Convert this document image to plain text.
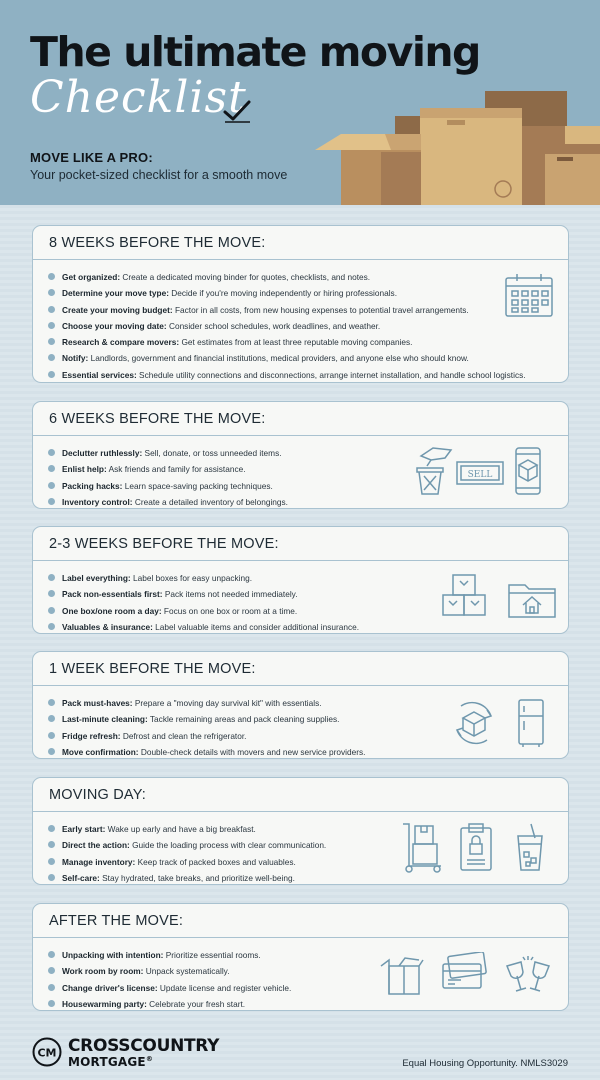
The ultimate moving
Checklist
MOVE LIKE A PRO:
Your pocket-sized checklist for a smooth move
8 WEEKS BEFORE THE MOVE:
Get organized: Create a dedicated moving binder for quotes, checklists, and notes.
Determine your move type: Decide if you're moving independently or hiring professionals.
Create your moving budget: Factor in all costs, from new housing expenses to potential travel arrangements.
Choose your moving date: Consider school schedules, work deadlines, and weather.
Research & compare movers: Get estimates from at least three reputable moving companies.
Notify: Landlords, government and financial institutions, medical providers, and anyone else who should know.
Essential services: Schedule utility connections and disconnections, arrange internet installation, and handle school logistics.
6 WEEKS BEFORE THE MOVE:
Declutter ruthlessly: Sell, donate, or toss unneeded items.
Enlist help: Ask friends and family for assistance.
Packing hacks: Learn space-saving packing techniques.
Inventory control: Create a detailed inventory of belongings.
SELL
2-3 WEEKS BEFORE THE MOVE:
Label everything: Label boxes for easy unpacking.
Pack non-essentials first: Pack items not needed immediately.
One box/one room a day: Focus on one box or room at a time.
Valuables & insurance: Label valuable items and consider additional insurance.
1 WEEK BEFORE THE MOVE:
Pack must-haves: Prepare a "moving day survival kit" with essentials.
Last-minute cleaning: Tackle remaining areas and pack cleaning supplies.
Fridge refresh: Defrost and clean the refrigerator.
Move confirmation: Double-check details with movers and new service providers.
MOVING DAY:
Early start: Wake up early and have a big breakfast.
Direct the action: Guide the loading process with clear communication.
Manage inventory: Keep track of packed boxes and valuables.
Self-care: Stay hydrated, take breaks, and prioritize well-being.
AFTER THE MOVE:
Unpacking with intention: Prioritize essential rooms.
Work room by room: Unpack systematically.
Change driver's license: Update license and register vehicle.
Housewarming party: Celebrate your fresh start.
CM CROSSCOUNTRY
MORTGAGE®	Equal Housing Opportunity. NMLS3029
